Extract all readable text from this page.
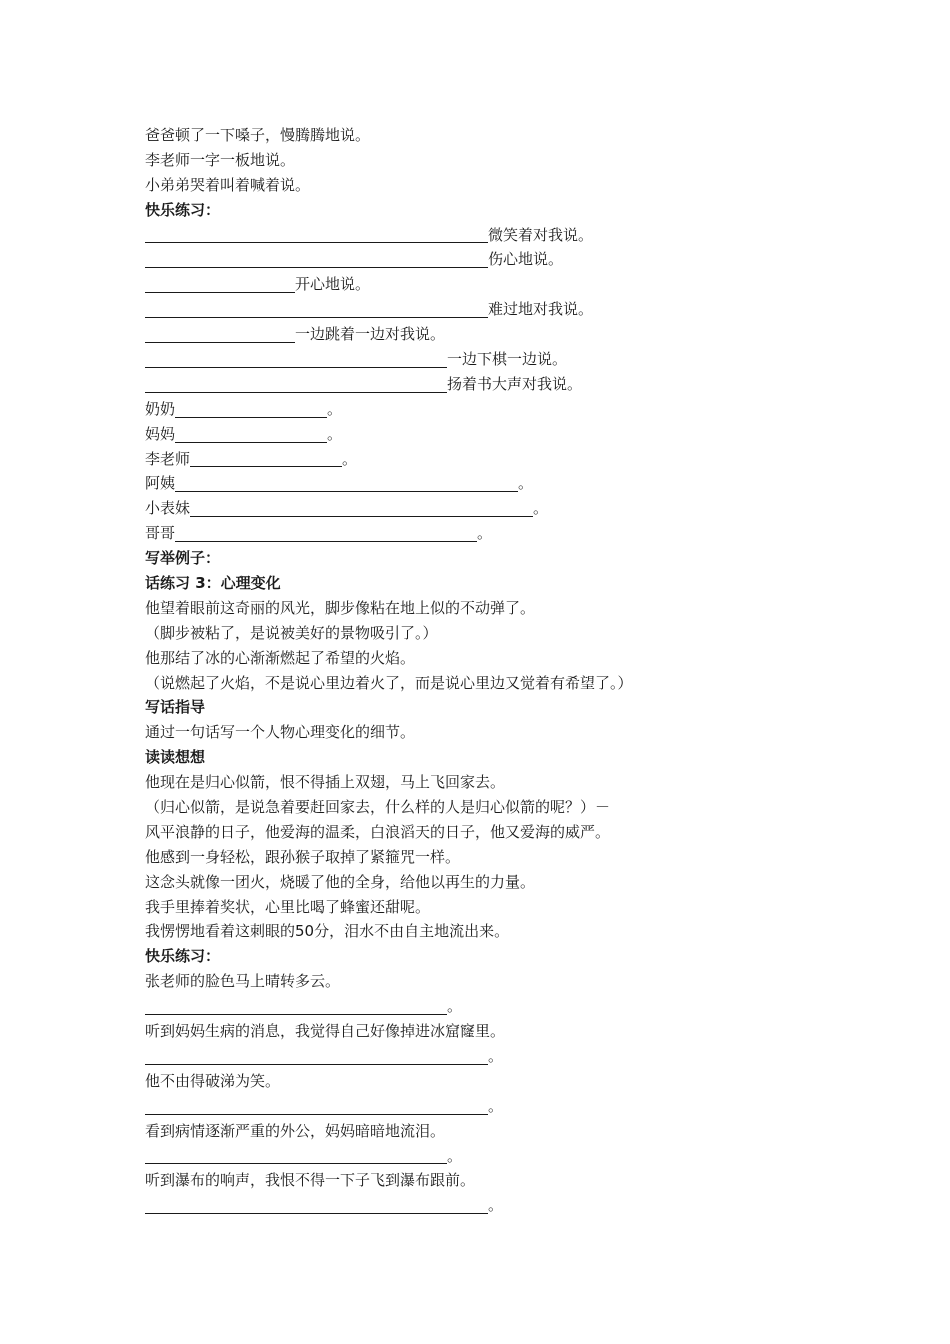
爸爸顿了一下嗓子，慢腾腾地说。
李老师一字一板地说。
小弟弟哭着叫着喊着说。
快乐练习：
微笑着对我说。
伤心地说。
开心地说。
难过地对我说。
一边跳着一边对我说。
一边下棋一边说。
扬着书大声对我说。
奶奶	。
妈妈	。
李老师	。
阿姨	。
小表妹	。
哥哥	。
写举例子：
话练习 3：心理变化
他望着眼前这奇丽的风光，脚步像粘在地上似的不动弹了。
（脚步被粘了，是说被美好的景物吸引了。）
他那结了冰的心渐渐燃起了希望的火焰。
（说燃起了火焰，不是说心里边着火了，而是说心里边又觉着有希望了。）
写话指导
通过一句话写一个人物心理变化的细节。
读读想想
他现在是归心似箭，恨不得插上双翅，马上飞回家去。
（归心似箭，是说急着要赶回家去，什么样的人是归心似箭的呢？）－
风平浪静的日子，他爱海的温柔，白浪滔天的日子，他又爱海的威严。
他感到一身轻松，跟孙猴子取掉了紧箍咒一样。
这念头就像一团火，烧暖了他的全身，给他以再生的力量。
我手里捧着奖状，心里比喝了蜂蜜还甜呢。
我愣愣地看着这刺眼的50分，泪水不由自主地流出来。
快乐练习：
张老师的脸色马上晴转多云。
。
听到妈妈生病的消息，我觉得自己好像掉进冰窟窿里。
。
他不由得破涕为笑。
。
看到病情逐渐严重的外公，妈妈暗暗地流泪。
。
听到瀑布的响声，我恨不得一下子飞到瀑布跟前。
。
